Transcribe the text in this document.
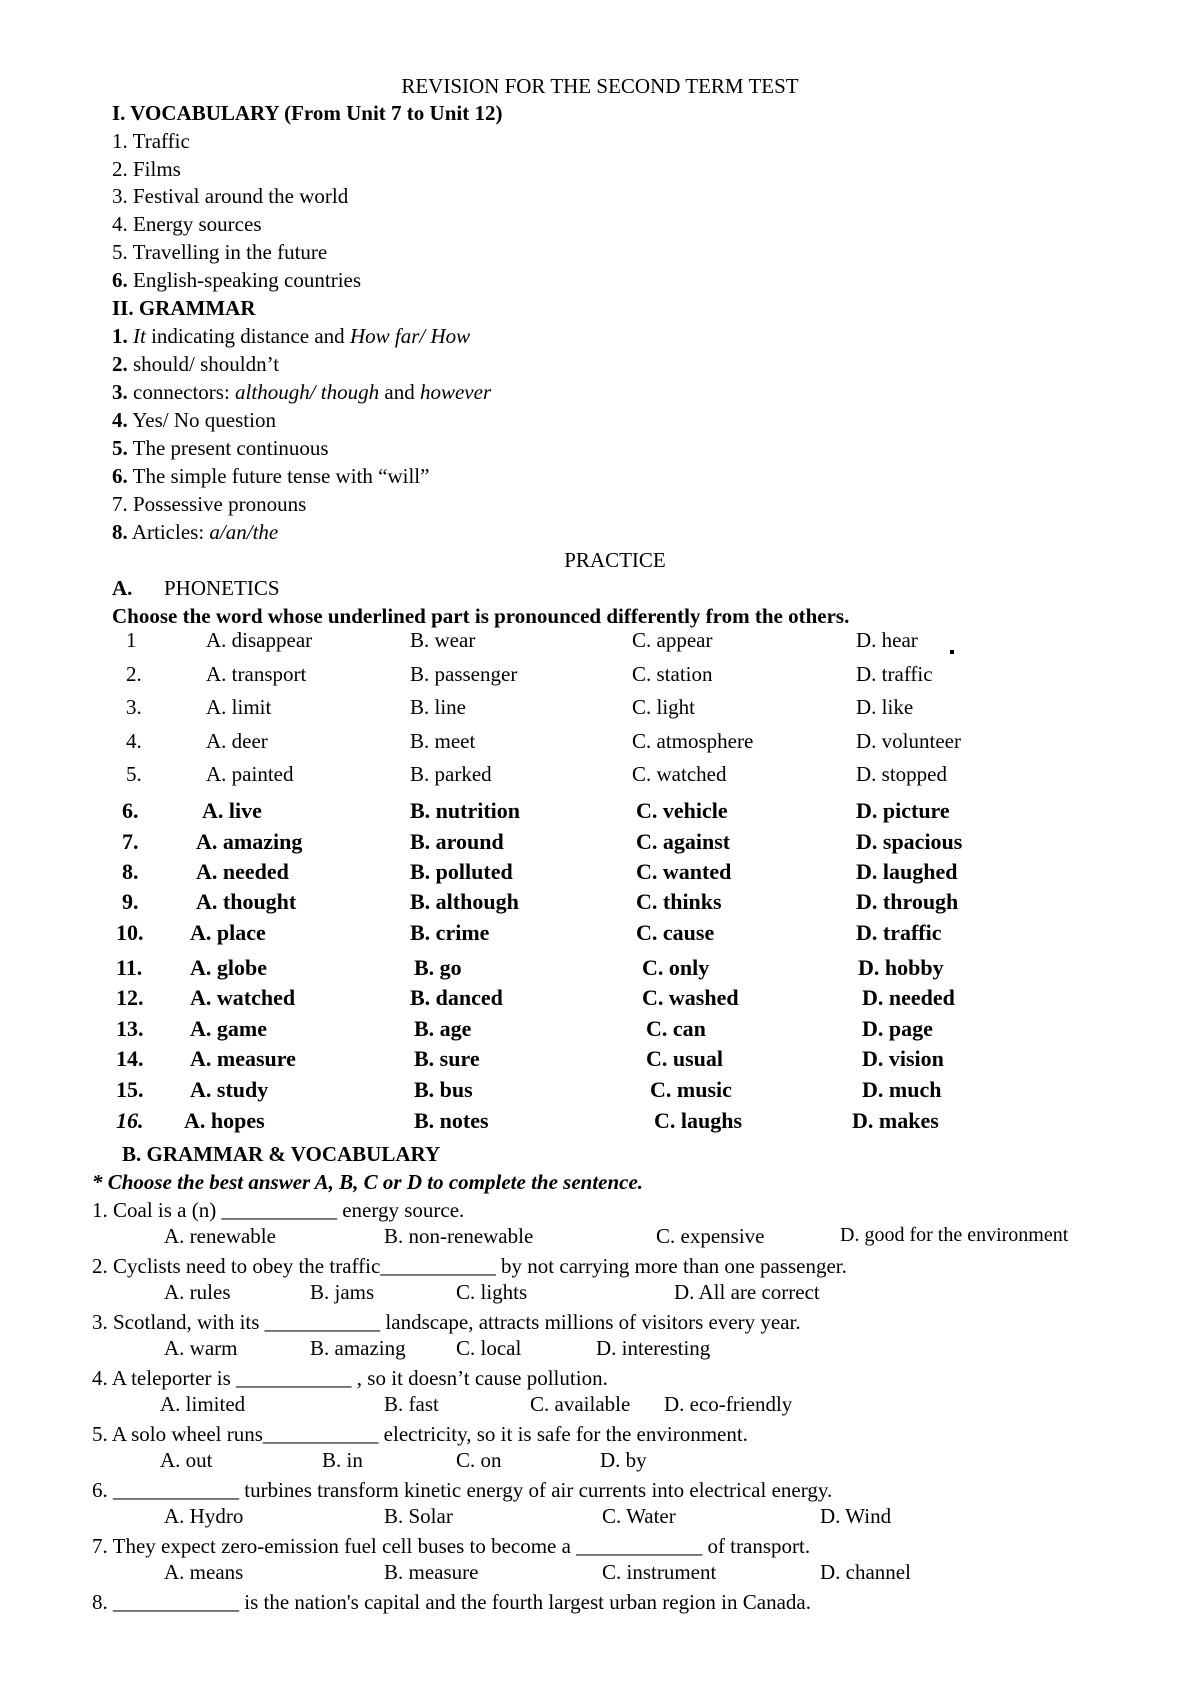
REVISION FOR THE SECOND TERM TEST
I. VOCABULARY (From Unit 7 to Unit 12)
1. Traffic
2. Films
3. Festival around the world
4. Energy sources
5. Travelling in the future
6. English-speaking countries
II. GRAMMAR
1. It indicating distance and How far/ How
2. should/ shouldn’t
3. connectors: although/ though and however
4. Yes/ No question
5. The present continuous
6. The simple future tense with “will”
7. Possessive pronouns
8. Articles: a/an/the
PRACTICE
A. PHONETICS
Choose the word whose underlined part is pronounced differently from the others.
1	A. disappear	B. wear	C. appear	D. hear
2.	A. transport	B. passenger	C. station	D. traffic
3.	A. limit	B. line	C. light	D. like
4.	A. deer	B. meet	C. atmosphere	D. volunteer
5.	A. painted	B. parked	C. watched	D. stopped
6.	A. live	B. nutrition	C. vehicle	D. picture
7.	A. amazing	B. around	C. against	D. spacious
8.	A. needed	B. polluted	C. wanted	D. laughed
9.	A. thought	B. although	C. thinks	D. through
10. A. place	B. crime	C. cause	D. traffic
11. A. globe	B. go	C. only	D. hobby
12. A. watched	B. danced	C. washed	D. needed
13. A. game	B. age	C. can	D. page
14. A. measure	B. sure	C. usual	D. vision
15. A. study	B. bus	C. music	D. much
16. A. hopes	B. notes	C. laughs	D. makes
B. GRAMMAR & VOCABULARY
* Choose the best answer A, B, C or D to complete the sentence.
1. Coal is a (n) ___________ energy source.
A. renewable	B. non-renewable	C. expensive	D. good for the environment
2. Cyclists need to obey the traffic___________ by not carrying more than one passenger.
A. rules	B. jams	C. lights	D. All are correct
3. Scotland, with its ___________ landscape, attracts millions of visitors every year.
A. warm	B. amazing C. local	D. interesting
4. A teleporter is ___________ , so it doesn’t cause pollution.
A. limited	B. fast	C. available D. eco-friendly
5. A solo wheel runs___________ electricity, so it is safe for the environment.
A. out	B. in	C. on	D. by
6. ____________ turbines transform kinetic energy of air currents into electrical energy.
A. Hydro	B. Solar	C. Water	D. Wind
7. They expect zero-emission fuel cell buses to become a ____________ of transport.
A. means	B. measure	C. instrument	D. channel
8. ____________ is the nation's capital and the fourth largest urban region in Canada.
